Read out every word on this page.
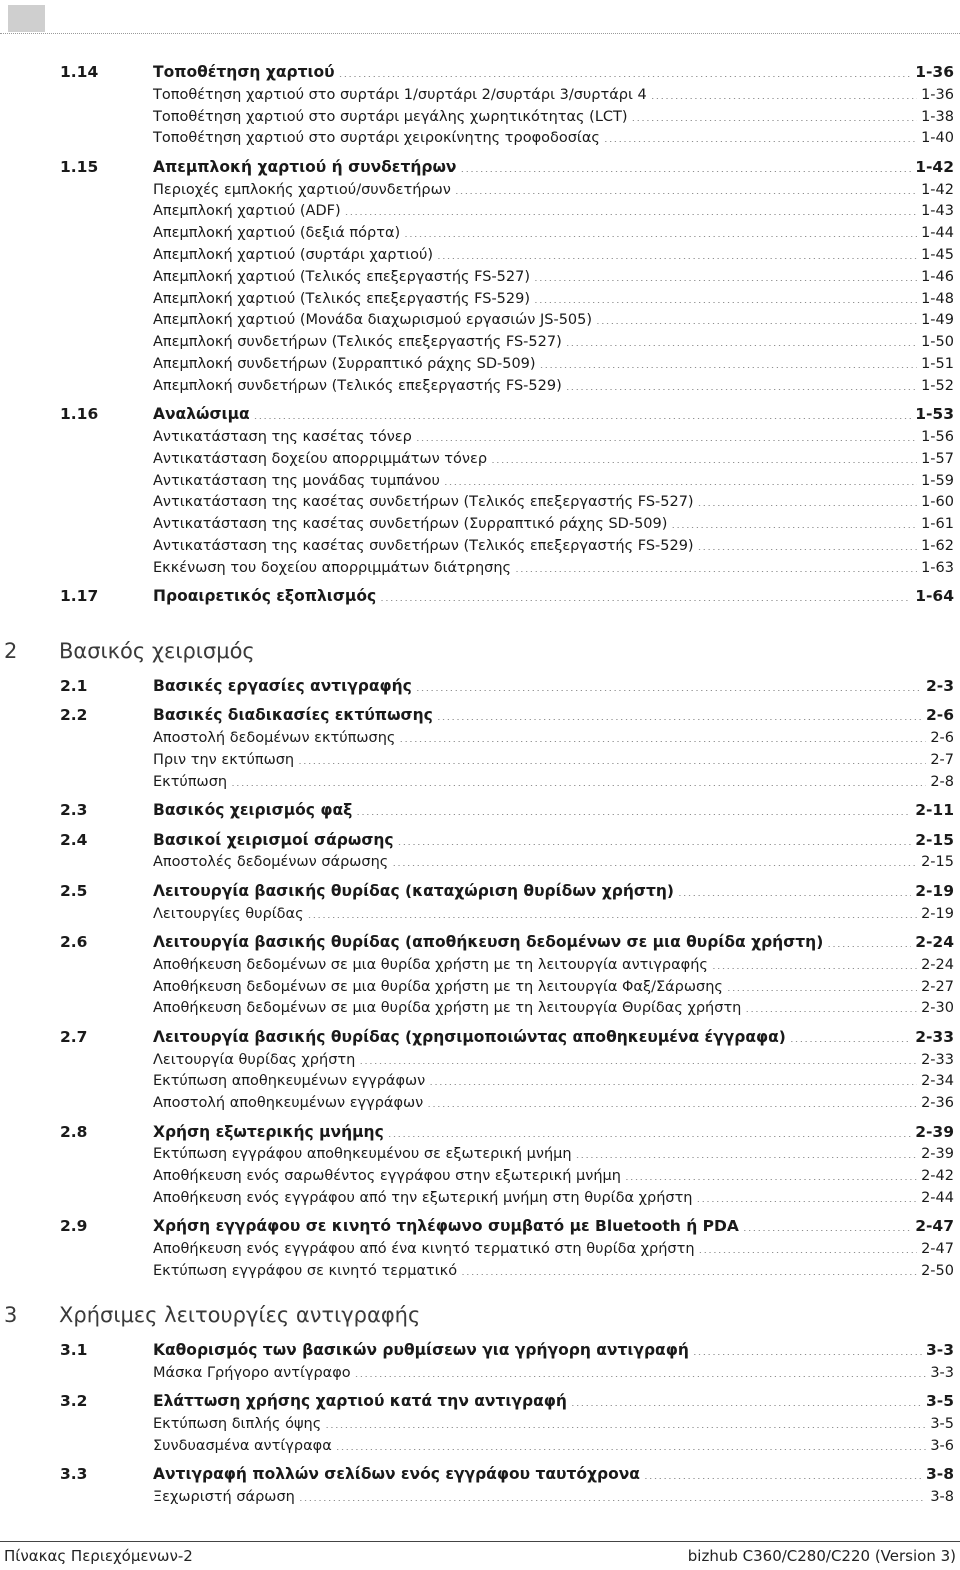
1.14	Τοποθέτηση χαρτιού .....	1-36
Τοποθέτηση χαρτιού στο συρτάρι 1/συρτάρι 2/συρτάρι 3/συρτάρι 4 .....	1-36
Τοποθέτηση χαρτιού στο συρτάρι μεγάλης χωρητικότητας (LCT) .....	1-38
Τοποθέτηση χαρτιού στο συρτάρι χειροκίνητης τροφοδοσίας .....	1-40
1.15	Απεμπλοκή χαρτιού ή συνδετήρων .....	1-42
Περιοχές εμπλοκής χαρτιού/συνδετήρων .....	1-42
Απεμπλοκή χαρτιού (ADF) .....	1-43
Απεμπλοκή χαρτιού (δεξιά πόρτα) .....	1-44
Απεμπλοκή χαρτιού (συρτάρι χαρτιού) .....	1-45
Απεμπλοκή χαρτιού (Τελικός επεξεργαστής FS-527) .....	1-46
Απεμπλοκή χαρτιού (Τελικός επεξεργαστής FS-529) .....	1-48
Απεμπλοκή χαρτιού (Μονάδα διαχωρισμού εργασιών JS-505) .....	1-49
Απεμπλοκή συνδετήρων (Τελικός επεξεργαστής FS-527) .....	1-50
Απεμπλοκή συνδετήρων (Συρραπτικό ράχης SD-509) .....	1-51
Απεμπλοκή συνδετήρων (Τελικός επεξεργαστής FS-529) .....	1-52
1.16	Αναλώσιμα .....	1-53
Αντικατάσταση της κασέτας τόνερ .....	1-56
Αντικατάσταση δοχείου απορριμμάτων τόνερ .....	1-57
Αντικατάσταση της μονάδας τυμπάνου .....	1-59
Αντικατάσταση της κασέτας συνδετήρων (Τελικός επεξεργαστής FS-527) .....	1-60
Αντικατάσταση της κασέτας συνδετήρων (Συρραπτικό ράχης SD-509) .....	1-61
Αντικατάσταση της κασέτας συνδετήρων (Τελικός επεξεργαστής FS-529) .....	1-62
Εκκένωση του δοχείου απορριμμάτων διάτρησης .....	1-63
1.17	Προαιρετικός εξοπλισμός .....	1-64
2 Βασικός χειρισμός
2.1	Βασικές εργασίες αντιγραφής .....	2-3
2.2	Βασικές διαδικασίες εκτύπωσης .....	2-6
Αποστολή δεδομένων εκτύπωσης .....	2-6
Πριν την εκτύπωση .....	2-7
Εκτύπωση .....	2-8
2.3	Βασικός χειρισμός φαξ .....	2-11
2.4	Βασικοί χειρισμοί σάρωσης .....	2-15
Αποστολές δεδομένων σάρωσης .....	2-15
2.5	Λειτουργία βασικής θυρίδας (καταχώριση θυρίδων χρήστη) .....	2-19
Λειτουργίες θυρίδας .....	2-19
2.6	Λειτουργία βασικής θυρίδας (αποθήκευση δεδομένων σε μια θυρίδα χρήστη) .....	2-24
Αποθήκευση δεδομένων σε μια θυρίδα χρήστη με τη λειτουργία αντιγραφής .....	2-24
Αποθήκευση δεδομένων σε μια θυρίδα χρήστη με τη λειτουργία Φαξ/Σάρωσης .....	2-27
Αποθήκευση δεδομένων σε μια θυρίδα χρήστη με τη λειτουργία Θυρίδας χρήστη .....	2-30
2.7	Λειτουργία βασικής θυρίδας (χρησιμοποιώντας αποθηκευμένα έγγραφα) .....	2-33
Λειτουργία θυρίδας χρήστη .....	2-33
Εκτύπωση αποθηκευμένων εγγράφων .....	2-34
Αποστολή αποθηκευμένων εγγράφων .....	2-36
2.8	Χρήση εξωτερικής μνήμης .....	2-39
Εκτύπωση εγγράφου αποθηκευμένου σε εξωτερική μνήμη .....	2-39
Αποθήκευση ενός σαρωθέντος εγγράφου στην εξωτερική μνήμη .....	2-42
Αποθήκευση ενός εγγράφου από την εξωτερική μνήμη στη θυρίδα χρήστη .....	2-44
2.9	Χρήση εγγράφου σε κινητό τηλέφωνο συμβατό με Bluetooth ή PDA .....	2-47
Αποθήκευση ενός εγγράφου από ένα κινητό τερματικό στη θυρίδα χρήστη .....	2-47
Εκτύπωση εγγράφου σε κινητό τερματικό .....	2-50
3 Χρήσιμες λειτουργίες αντιγραφής
3.1	Καθορισμός των βασικών ρυθμίσεων για γρήγορη αντιγραφή .....	3-3
Μάσκα Γρήγορο αντίγραφο .....	3-3
3.2	Ελάττωση χρήσης χαρτιού κατά την αντιγραφή .....	3-5
Εκτύπωση διπλής όψης .....	3-5
Συνδυασμένα αντίγραφα .....	3-6
3.3	Αντιγραφή πολλών σελίδων ενός εγγράφου ταυτόχρονα .....	3-8
Ξεχωριστή σάρωση .....	3-8
Πίνακας Περιεχόμενων-2	bizhub C360/C280/C220 (Version 3)
